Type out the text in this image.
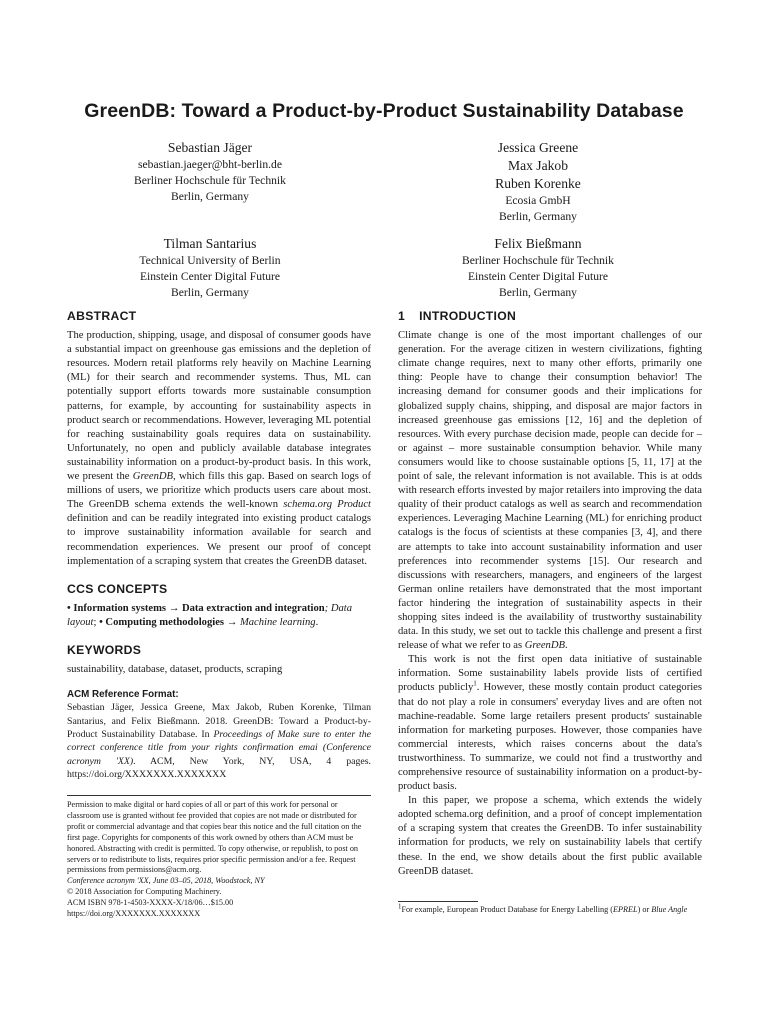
GreenDB: Toward a Product-by-Product Sustainability Database
Sebastian Jäger
sebastian.jaeger@bht-berlin.de
Berliner Hochschule für Technik
Berlin, Germany
Jessica Greene
Max Jakob
Ruben Korenke
Ecosia GmbH
Berlin, Germany
Tilman Santarius
Technical University of Berlin
Einstein Center Digital Future
Berlin, Germany
Felix Bießmann
Berliner Hochschule für Technik
Einstein Center Digital Future
Berlin, Germany
ABSTRACT

The production, shipping, usage, and disposal of consumer goods have a substantial impact on greenhouse gas emissions and the depletion of resources. Modern retail platforms rely heavily on Machine Learning (ML) for their search and recommender systems. Thus, ML can potentially support efforts towards more sustainable consumption patterns, for example, by accounting for sustainability aspects in product search or recommendations. However, leveraging ML potential for reaching sustainability goals requires data on sustainability. Unfortunately, no open and publicly available database integrates sustainability information on a product-by-product basis. In this work, we present the GreenDB, which fills this gap. Based on search logs of millions of users, we prioritize which products users care about most. The GreenDB schema extends the well-known schema.org Product definition and can be readily integrated into existing product catalogs to improve sustainability information available for search and recommendation experiences. We present our proof of concept implementation of a scraping system that creates the GreenDB dataset.

CCS CONCEPTS

• Information systems → Data extraction and integration; Data layout; • Computing methodologies → Machine learning.

KEYWORDS

sustainability, database, dataset, products, scraping

ACM Reference Format:

Sebastian Jäger, Jessica Greene, Max Jakob, Ruben Korenke, Tilman Santarius, and Felix Bießmann. 2018. GreenDB: Toward a Product-by-Product Sustainability Database. In Proceedings of Make sure to enter the correct conference title from your rights confirmation emai (Conference acronym 'XX). ACM, New York, NY, USA, 4 pages. https://doi.org/XXXXXXX.XXXXXXX

Permission to make digital or hard copies of all or part of this work for personal or classroom use is granted without fee provided that copies are not made or distributed for profit or commercial advantage and that copies bear this notice and the full citation on the first page. Copyrights for components of this work owned by others than ACM must be honored. Abstracting with credit is permitted. To copy otherwise, or republish, to post on servers or to redistribute to lists, requires prior specific permission and/or a fee. Request permissions from permissions@acm.org.

Conference acronym 'XX, June 03–05, 2018, Woodstock, NY

© 2018 Association for Computing Machinery.

ACM ISBN 978-1-4503-XXXX-X/18/06…$15.00

https://doi.org/XXXXXXX.XXXXXXX

1 INTRODUCTION

Climate change is one of the most important challenges of our generation. For the average citizen in western civilizations, fighting climate change requires, next to many other efforts, primarily one thing: People have to change their consumption behavior! The increasing demand for consumer goods and their implications for globalized supply chains, shipping, and disposal are major factors in increased greenhouse gas emissions [12, 16] and the depletion of resources. With every purchase decision made, people can decide for – or against – more sustainable consumption behavior. While many consumers would like to choose sustainable options [5, 11, 17] at the point of sale, the relevant information is not available. This is at odds with research efforts invested by major retailers into improving the data quality of their product catalogs as well as search and recommendation experiences. Leveraging Machine Learning (ML) for enriching product catalogs is the focus of scientists at these companies [3, 4], and there are attempts to take into account sustainability information and user preferences into recommender systems [15]. Our research and discussions with researchers, managers, and engineers of the largest German online retailers have demonstrated that the most important factor hindering the integration of sustainability aspects in their shopping sites indeed is the availability of trustworthy sustainability data. In this study, we set out to tackle this challenge and present a first release of what we refer to as GreenDB.

This work is not the first open data initiative of sustainable information. Some sustainability labels provide lists of certified products publicly$^1$. However, these mostly contain product categories that do not play a role in consumers' everyday lives and are often not machine-readable. Some large retailers present products' sustainable information for marketing purposes. However, those companies have commercial interests, which raises concerns about the data's trustworthiness. To summarize, we could not find a trustworthy and comprehensive resource of sustainability information on a product-by-product basis.

In this paper, we propose a schema, which extends the widely adopted schema.org definition, and a proof of concept implementation of a scraping system that creates the GreenDB. To infer sustainability information for products, we rely on sustainability labels that certify these. In the end, we show details about the first public available GreenDB dataset.

$^1$For example, European Product Database for Energy Labelling (EPREL) or Blue Angle
